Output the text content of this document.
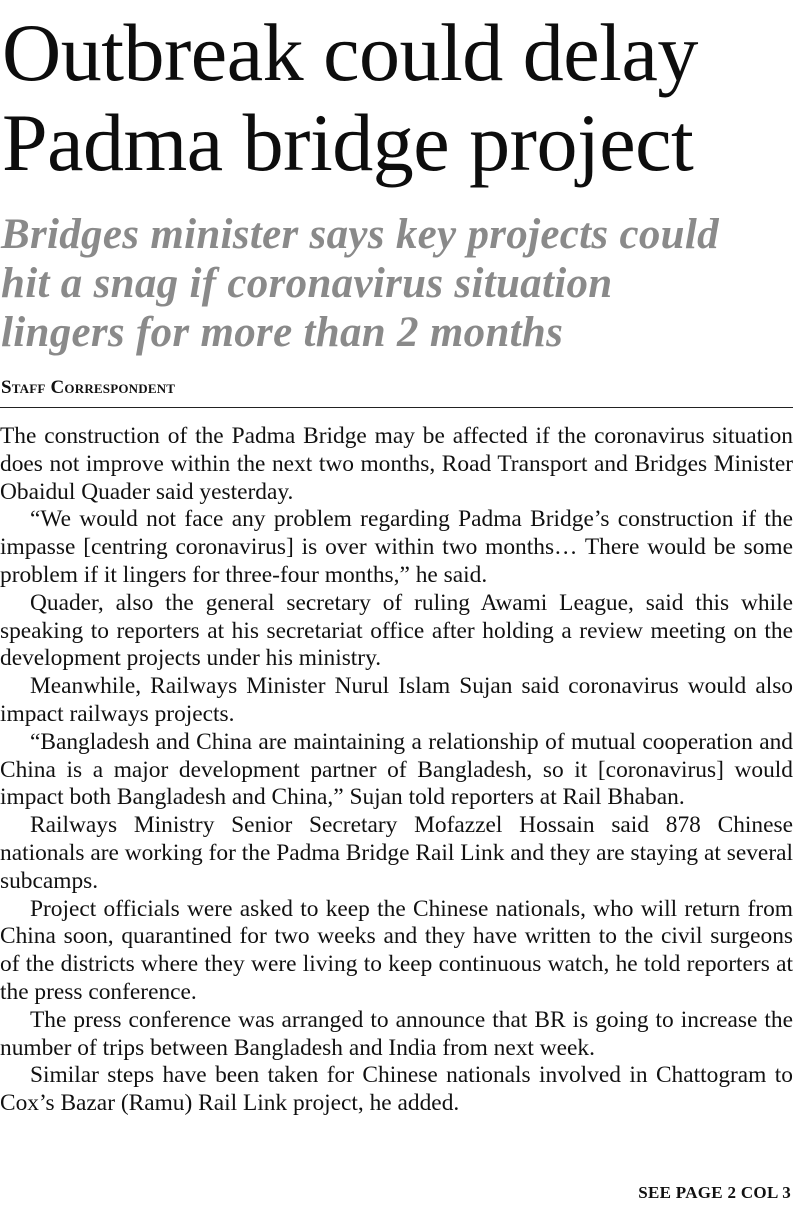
Outbreak could delay
Padma bridge project
Bridges minister says key projects could
hit a snag if coronavirus situation
lingers for more than 2 months
Staff Correspondent

The construction of the Padma Bridge may be affected if the coronavirus situation does not improve within the next two months, Road Transport and Bridges Minister Obaidul Quader said yesterday.

“We would not face any problem regarding Padma Bridge’s construction if the impasse [centring coronavirus] is over within two months… There would be some problem if it lingers for three-four months,” he said.

Quader, also the general secretary of ruling Awami League, said this while speaking to reporters at his secretariat office after holding a review meeting on the development projects under his ministry.

Meanwhile, Railways Minister Nurul Islam Sujan said coronavirus would also impact railways projects.

“Bangladesh and China are maintaining a relationship of mutual cooperation and China is a major development partner of Bangladesh, so it [coronavirus] would impact both Bangladesh and China,” Sujan told reporters at Rail Bhaban.

Railways Ministry Senior Secretary Mofazzel Hossain said 878 Chinese nationals are working for the Padma Bridge Rail Link and they are staying at several subcamps.

Project officials were asked to keep the Chinese nationals, who will return from China soon, quarantined for two weeks and they have written to the civil surgeons of the districts where they were living to keep continuous watch, he told reporters at the press conference.

The press conference was arranged to announce that BR is going to increase the number of trips between Bangladesh and India from next week.

Similar steps have been taken for Chinese nationals involved in Chattogram to Cox’s Bazar (Ramu) Rail Link project, he added.

SEE PAGE 2 COL 3
